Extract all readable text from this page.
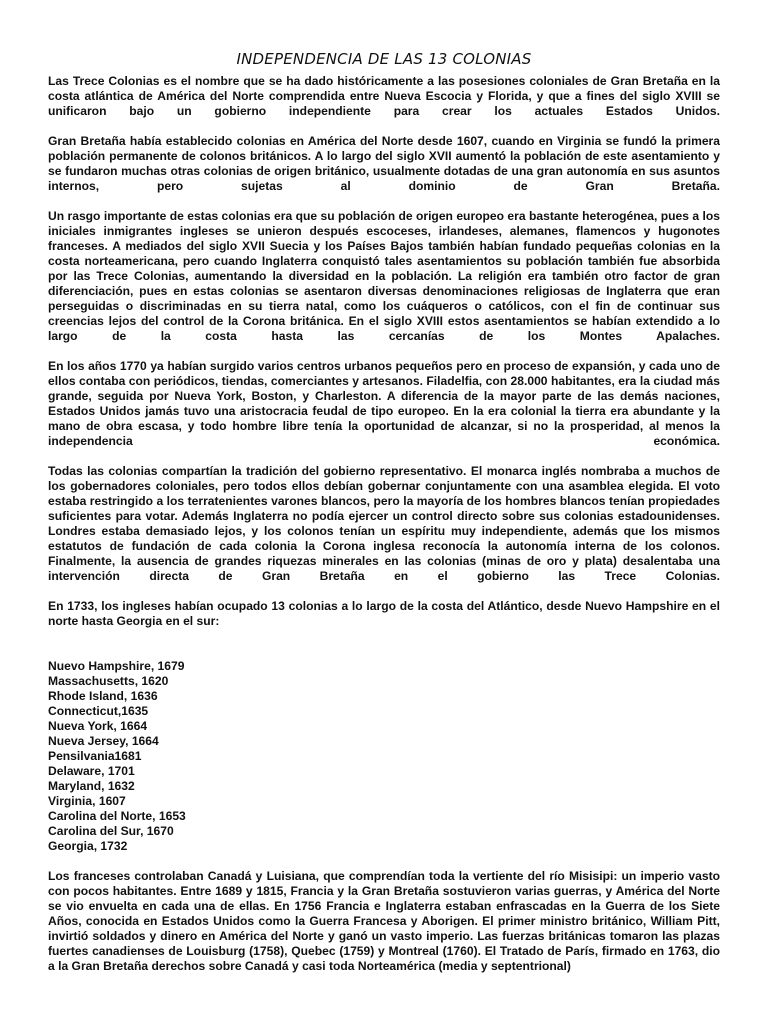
INDEPENDENCIA DE LAS 13 COLONIAS

Las Trece Colonias es el nombre que se ha dado históricamente a las posesiones coloniales de Gran Bretaña en la costa atlántica de América del Norte comprendida entre Nueva Escocia y Florida, y que a fines del siglo XVIII se unificaron bajo un gobierno independiente para crear los actuales Estados Unidos.

Gran Bretaña había establecido colonias en América del Norte desde 1607, cuando en Virginia se fundó la primera población permanente de colonos británicos. A lo largo del siglo XVII aumentó la población de este asentamiento y se fundaron muchas otras colonias de origen británico, usualmente dotadas de una gran autonomía en sus asuntos internos, pero sujetas al dominio de Gran Bretaña.

Un rasgo importante de estas colonias era que su población de origen europeo era bastante heterogénea, pues a los iniciales inmigrantes ingleses se unieron después escoceses, irlandeses, alemanes, flamencos y hugonotes franceses. A mediados del siglo XVII Suecia y los Países Bajos también habían fundado pequeñas colonias en la costa norteamericana, pero cuando Inglaterra conquistó tales asentamientos su población también fue absorbida por las Trece Colonias, aumentando la diversidad en la población. La religión era también otro factor de gran diferenciación, pues en estas colonias se asentaron diversas denominaciones religiosas de Inglaterra que eran perseguidas o discriminadas en su tierra natal, como los cuáqueros o católicos, con el fin de continuar sus creencias lejos del control de la Corona británica. En el siglo XVIII estos asentamientos se habían extendido a lo largo de la costa hasta las cercanías de los Montes Apalaches.

En los años 1770 ya habían surgido varios centros urbanos pequeños pero en proceso de expansión, y cada uno de ellos contaba con periódicos, tiendas, comerciantes y artesanos. Filadelfia, con 28.000 habitantes, era la ciudad más grande, seguida por Nueva York, Boston, y Charleston. A diferencia de la mayor parte de las demás naciones, Estados Unidos jamás tuvo una aristocracia feudal de tipo europeo. En la era colonial la tierra era abundante y la mano de obra escasa, y todo hombre libre tenía la oportunidad de alcanzar, si no la prosperidad, al menos la independencia económica.

Todas las colonias compartían la tradición del gobierno representativo. El monarca inglés nombraba a muchos de los gobernadores coloniales, pero todos ellos debían gobernar conjuntamente con una asamblea elegida. El voto estaba restringido a los terratenientes varones blancos, pero la mayoría de los hombres blancos tenían propiedades suficientes para votar. Además Inglaterra no podía ejercer un control directo sobre sus colonias estadounidenses. Londres estaba demasiado lejos, y los colonos tenían un espíritu muy independiente, además que los mismos estatutos de fundación de cada colonia la Corona inglesa reconocía la autonomía interna de los colonos. Finalmente, la ausencia de grandes riquezas minerales en las colonias (minas de oro y plata) desalentaba una intervención directa de Gran Bretaña en el gobierno las Trece Colonias.

En 1733, los ingleses habían ocupado 13 colonias a lo largo de la costa del Atlántico, desde Nuevo Hampshire en el norte hasta Georgia en el sur:

Nuevo Hampshire, 1679
Massachusetts, 1620
Rhode Island, 1636
Connecticut,1635
Nueva York, 1664
Nueva Jersey, 1664
Pensilvania1681
Delaware, 1701
Maryland, 1632
Virginia, 1607
Carolina del Norte, 1653
Carolina del Sur, 1670
Georgia, 1732

Los franceses controlaban Canadá y Luisiana, que comprendían toda la vertiente del río Misisipi: un imperio vasto con pocos habitantes. Entre 1689 y 1815, Francia y la Gran Bretaña sostuvieron varias guerras, y América del Norte se vio envuelta en cada una de ellas. En 1756 Francia e Inglaterra estaban enfrascadas en la Guerra de los Siete Años, conocida en Estados Unidos como la Guerra Francesa y Aborigen. El primer ministro británico, William Pitt, invirtió soldados y dinero en América del Norte y ganó un vasto imperio. Las fuerzas británicas tomaron las plazas fuertes canadienses de Louisburg (1758), Quebec (1759) y Montreal (1760). El Tratado de París, firmado en 1763, dio a la Gran Bretaña derechos sobre Canadá y casi toda Norteamérica (media y septentrional)
